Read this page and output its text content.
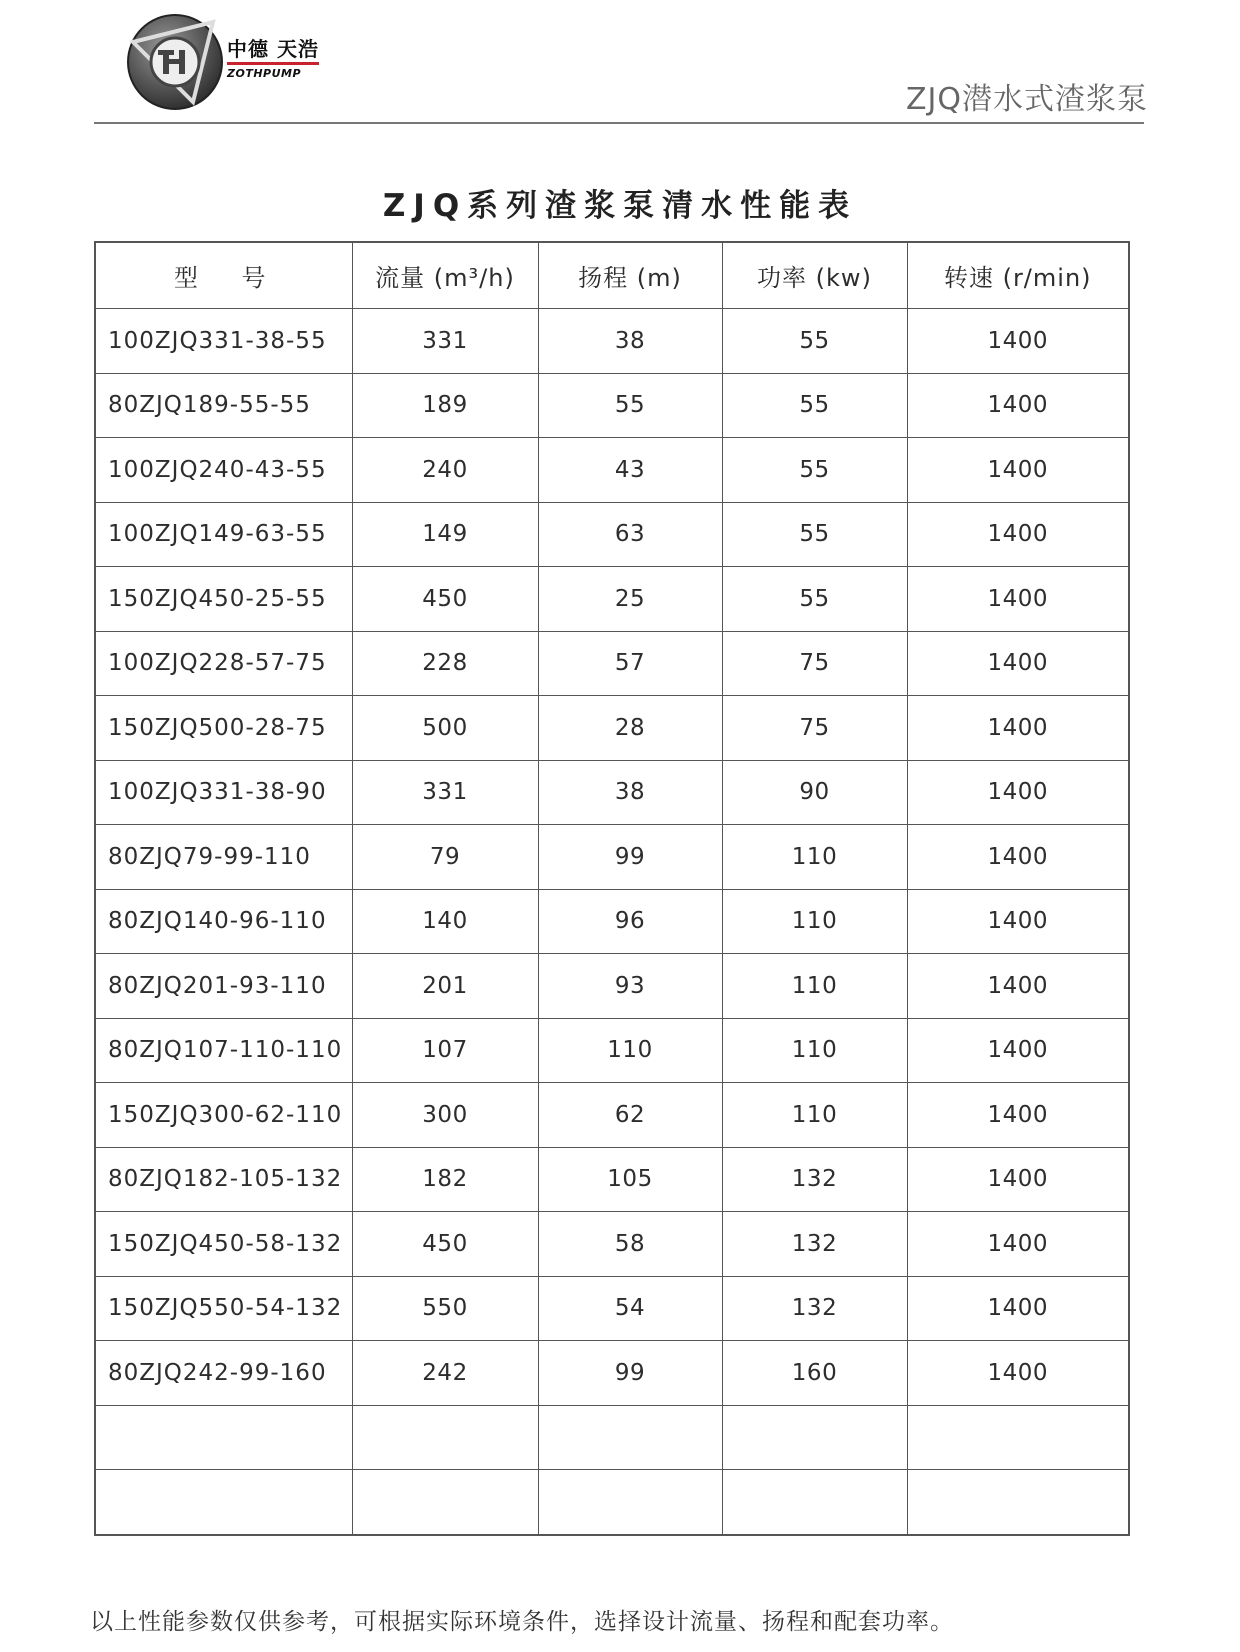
中德 天浩
ZOTHPUMP
ZJQ潜水式渣浆泵
ZJQ系列渣浆泵清水性能表
型 号	流量 (m³/h)	扬程 (m)	功率 (kw)	转速 (r/min)
100ZJQ331-38-55	331	38	55	1400
80ZJQ189-55-55	189	55	55	1400
100ZJQ240-43-55	240	43	55	1400
100ZJQ149-63-55	149	63	55	1400
150ZJQ450-25-55	450	25	55	1400
100ZJQ228-57-75	228	57	75	1400
150ZJQ500-28-75	500	28	75	1400
100ZJQ331-38-90	331	38	90	1400
80ZJQ79-99-110	79	99	110	1400
80ZJQ140-96-110	140	96	110	1400
80ZJQ201-93-110	201	93	110	1400
80ZJQ107-110-110	107	110	110	1400
150ZJQ300-62-110	300	62	110	1400
80ZJQ182-105-132	182	105	132	1400
150ZJQ450-58-132	450	58	132	1400
150ZJQ550-54-132	550	54	132	1400
80ZJQ242-99-160	242	99	160	1400

以上性能参数仅供参考，可根据实际环境条件，选择设计流量、扬程和配套功率。
